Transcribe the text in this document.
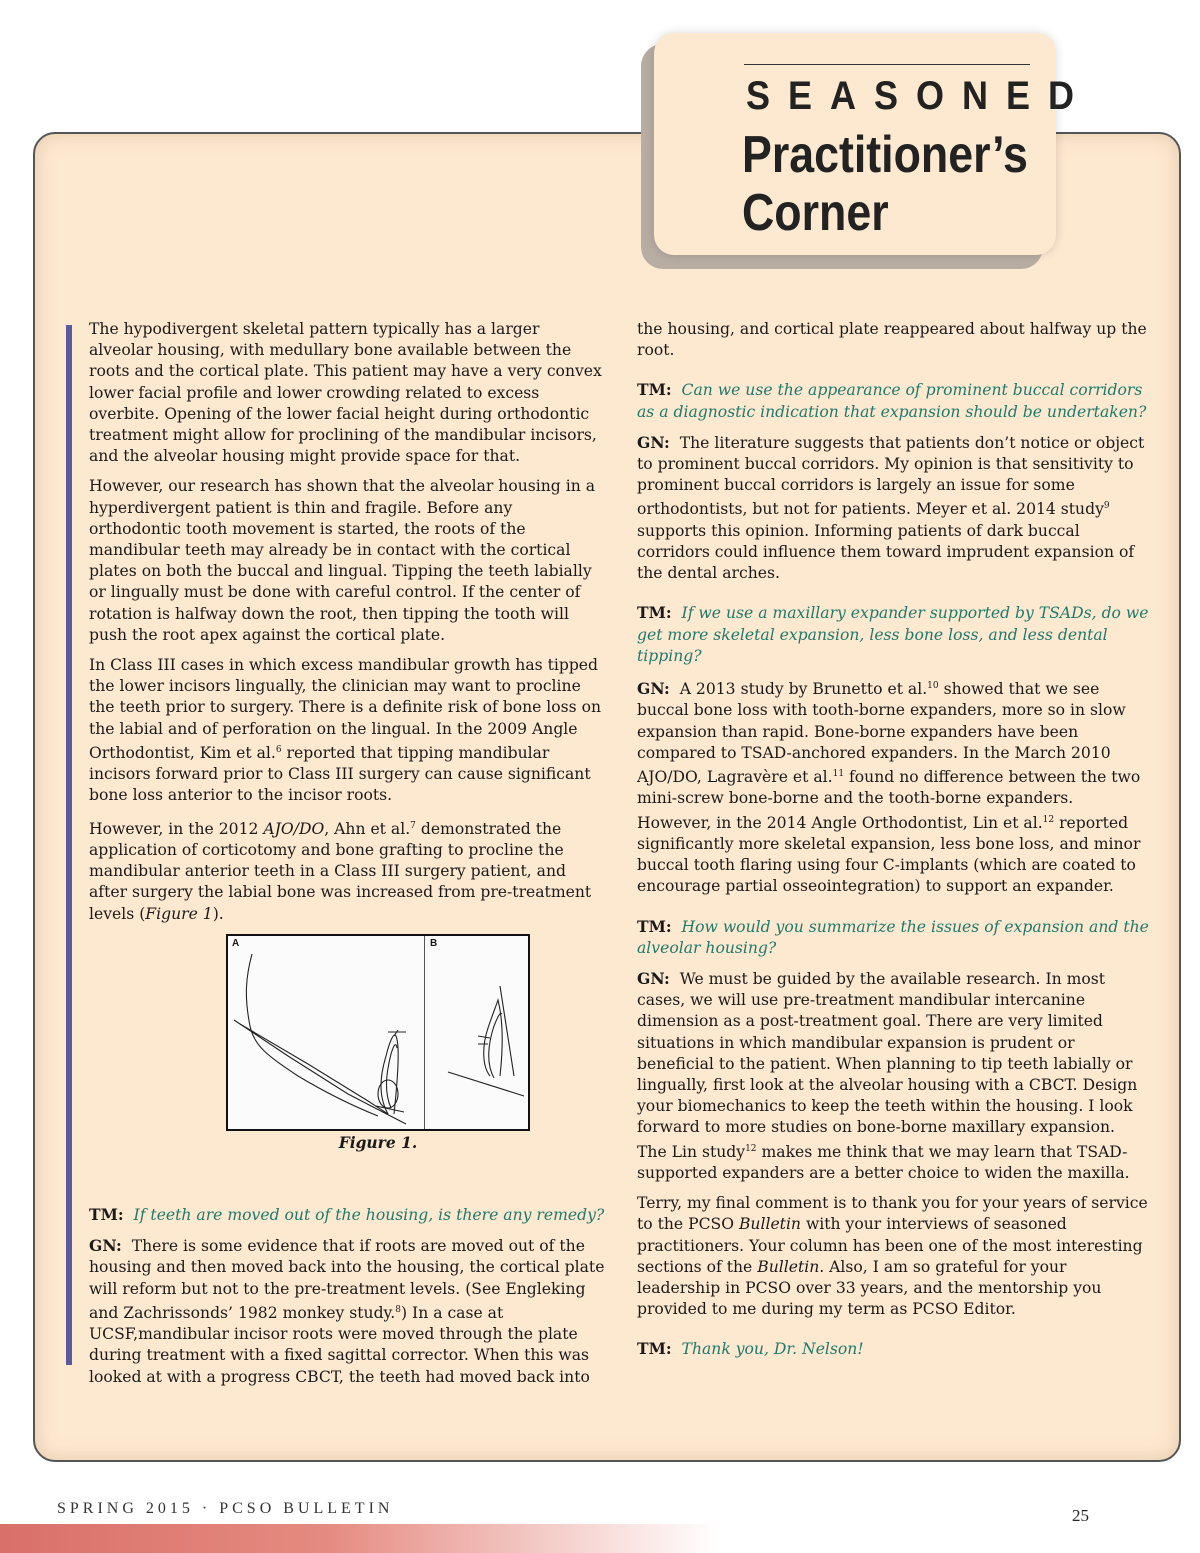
SEASONED
Practitioner’s
Corner

The hypodivergent skeletal pattern typically has a larger alveolar housing, with medullary bone available between the roots and the cortical plate. This patient may have a very convex lower facial profile and lower crowding related to excess overbite. Opening of the lower facial height during orthodontic treatment might allow for proclining of the mandibular incisors, and the alveolar housing might provide space for that.

However, our research has shown that the alveolar housing in a hyperdivergent patient is thin and fragile. Before any orthodontic tooth movement is started, the roots of the mandibular teeth may already be in contact with the cortical plates on both the buccal and lingual. Tipping the teeth labially or lingually must be done with careful control. If the center of rotation is halfway down the root, then tipping the tooth will push the root apex against the cortical plate.

In Class III cases in which excess mandibular growth has tipped the lower incisors lingually, the clinician may want to procline the teeth prior to surgery. There is a definite risk of bone loss on the labial and of perforation on the lingual. In the 2009 Angle Orthodontist, Kim et al.$^6$ reported that tipping mandibular incisors forward prior to Class III surgery can cause significant bone loss anterior to the incisor roots.

However, in the 2012 AJO/DO, Ahn et al.$^7$ demonstrated the application of corticotomy and bone grafting to procline the mandibular anterior teeth in a Class III surgery patient, and after surgery the labial bone was increased from pre-treatment levels (Figure 1).

A	B
Figure 1.

TM: If teeth are moved out of the housing, is there any remedy?

GN: There is some evidence that if roots are moved out of the housing and then moved back into the housing, the cortical plate will reform but not to the pre-treatment levels. (See Engleking and Zachrissonds’ 1982 monkey study.$^8$) In a case at UCSF,mandibular incisor roots were moved through the plate during treatment with a fixed sagittal corrector. When this was looked at with a progress CBCT, the teeth had moved back into

the housing, and cortical plate reappeared about halfway up the root.

TM: Can we use the appearance of prominent buccal corridors as a diagnostic indication that expansion should be undertaken?

GN: The literature suggests that patients don’t notice or object to prominent buccal corridors. My opinion is that sensitivity to prominent buccal corridors is largely an issue for some orthodontists, but not for patients. Meyer et al. 2014 study$^9$ supports this opinion. Informing patients of dark buccal corridors could influence them toward imprudent expansion of the dental arches.

TM: If we use a maxillary expander supported by TSADs, do we get more skeletal expansion, less bone loss, and less dental tipping?

GN: A 2013 study by Brunetto et al.$^{10}$ showed that we see buccal bone loss with tooth-borne expanders, more so in slow expansion than rapid. Bone-borne expanders have been compared to TSAD-anchored expanders. In the March 2010 AJO/DO, Lagravère et al.$^{11}$ found no difference between the two mini-screw bone-borne and the tooth-borne expanders. However, in the 2014 Angle Orthodontist, Lin et al.$^{12}$ reported significantly more skeletal expansion, less bone loss, and minor buccal tooth flaring using four C-implants (which are coated to encourage partial osseointegration) to support an expander.

TM: How would you summarize the issues of expansion and the alveolar housing?

GN: We must be guided by the available research. In most cases, we will use pre-treatment mandibular intercanine dimension as a post-treatment goal. There are very limited situations in which mandibular expansion is prudent or beneficial to the patient. When planning to tip teeth labially or lingually, first look at the alveolar housing with a CBCT. Design your biomechanics to keep the teeth within the housing. I look forward to more studies on bone-borne maxillary expansion. The Lin study$^{12}$ makes me think that we may learn that TSAD-supported expanders are a better choice to widen the maxilla.

Terry, my final comment is to thank you for your years of service to the PCSO Bulletin with your interviews of seasoned practitioners. Your column has been one of the most interesting sections of the Bulletin. Also, I am so grateful for your leadership in PCSO over 33 years, and the mentorship you provided to me during my term as PCSO Editor.

TM: Thank you, Dr. Nelson!

SPRING 2015 · PCSO BULLETIN	25
